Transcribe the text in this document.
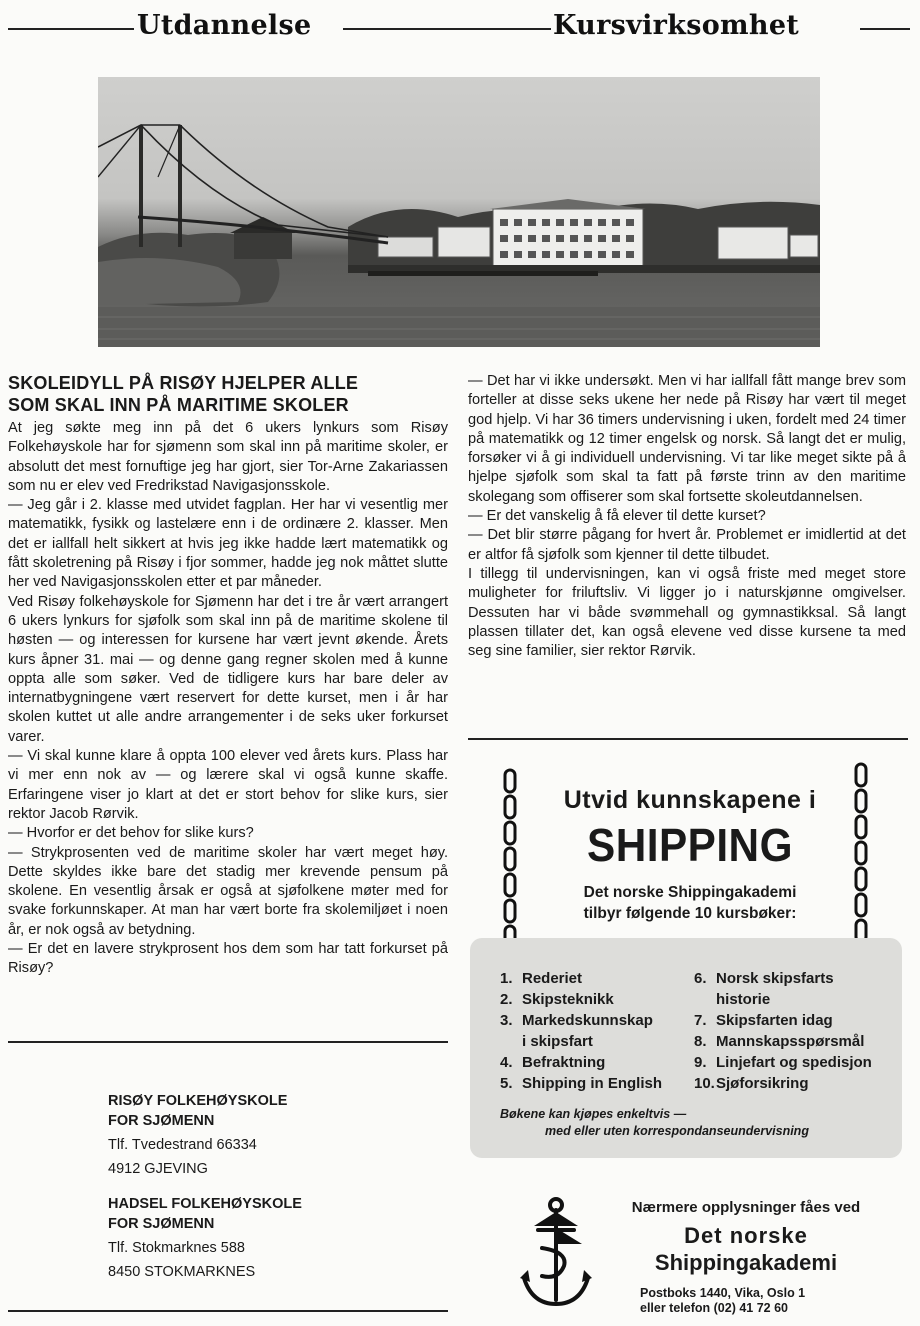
Utdannelse	Kursvirksomhet
SKOLEIDYLL PÅ RISØY HJELPER ALLE
SOM SKAL INN PÅ MARITIME SKOLER

At jeg søkte meg inn på det 6 ukers lynkurs som Risøy Folkehøyskole har for sjømenn som skal inn på maritime skoler, er absolutt det mest fornuftige jeg har gjort, sier Tor-Arne Zakariassen som nu er elev ved Fredrikstad Navigasjonsskole.

— Jeg går i 2. klasse med utvidet fagplan. Her har vi vesentlig mer matematikk, fysikk og lastelære enn i de ordinære 2. klasser. Men det er iallfall helt sikkert at hvis jeg ikke hadde lært matematikk og fått skoletrening på Risøy i fjor sommer, hadde jeg nok måttet slutte her ved Navigasjonsskolen etter et par måneder.

Ved Risøy folkehøyskole for Sjømenn har det i tre år vært arrangert 6 ukers lynkurs for sjøfolk som skal inn på de maritime skolene til høsten — og interessen for kursene har vært jevnt økende. Årets kurs åpner 31. mai — og denne gang regner skolen med å kunne oppta alle som søker. Ved de tidligere kurs har bare deler av internatbygningene vært reservert for dette kurset, men i år har skolen kuttet ut alle andre arrangementer i de seks uker forkurset varer.

— Vi skal kunne klare å oppta 100 elever ved årets kurs. Plass har vi mer enn nok av — og lærere skal vi også kunne skaffe. Erfaringene viser jo klart at det er stort behov for slike kurs, sier rektor Jacob Rørvik.

— Hvorfor er det behov for slike kurs?

— Strykprosenten ved de maritime skoler har vært meget høy. Dette skyldes ikke bare det stadig mer krevende pensum på skolene. En vesentlig årsak er også at sjøfolkene møter med for svake forkunnskaper. At man har vært borte fra skolemiljøet i noen år, er nok også av betydning.

— Er det en lavere strykprosent hos dem som har tatt forkurset på Risøy?

— Det har vi ikke undersøkt. Men vi har iallfall fått mange brev som forteller at disse seks ukene her nede på Risøy har vært til meget god hjelp. Vi har 36 timers undervisning i uken, fordelt med 24 timer på matematikk og 12 timer engelsk og norsk. Så langt det er mulig, forsøker vi å gi individuell undervisning. Vi tar like meget sikte på å hjelpe sjøfolk som skal ta fatt på første trinn av den maritime skolegang som offiserer som skal fortsette skoleutdannelsen.

— Er det vanskelig å få elever til dette kurset?

— Det blir større pågang for hvert år. Problemet er imidlertid at det er altfor få sjøfolk som kjenner til dette tilbudet.

I tillegg til undervisningen, kan vi også friste med meget store muligheter for friluftsliv. Vi ligger jo i naturskjønne omgivelser. Dessuten har vi både svømmehall og gymnastikksal. Så langt plassen tillater det, kan også elevene ved disse kursene ta med seg sine familier, sier rektor Rørvik.

RISØY FOLKEHØYSKOLE
FOR SJØMENN
Tlf. Tvedestrand 66334
4912 GJEVING
HADSEL FOLKEHØYSKOLE
FOR SJØMENN
Tlf. Stokmarknes 588
8450 STOKMARKNES
Utvid kunnskapene i
SHIPPING
Det norske Shippingakademi
tilbyr følgende 10 kursbøker:
1. Rederiet
2. Skipsteknikk
3. Markedskunnskap
i skipsfart
4. Befraktning
5. Shipping in English
6. Norsk skipsfarts
historie
7. Skipsfarten idag
8. Mannskapsspørsmål
9. Linjefart og spedisjon
10.Sjøforsikring
Bøkene kan kjøpes enkeltvis —
med eller uten korrespondanseundervisning
Nærmere opplysninger fåes ved
Det norske
Shippingakademi
Postboks 1440, Vika, Oslo 1
eller telefon (02) 41 72 60
